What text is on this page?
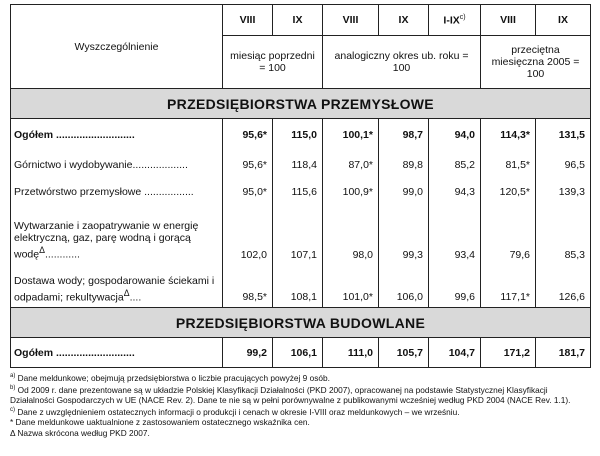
Wyszczególnienie	VIII	IX	VIII	IX	I-IX$^{c)}$	VIII	IX
	miesiąc poprzedni = 100		analogiczny okres ub. roku = 100			przeciętna miesięczna 2005 = 100	
PRZEDSIĘBIORSTWA PRZEMYSŁOWE							
Ogółem ...........................	95,6*	115,0	100,1*	98,7	94,0	114,3*	131,5
Górnictwo i wydobywanie...................	95,6*	118,4	87,0*	89,8	85,2	81,5*	96,5
Przetwórstwo przemysłowe .................	95,0*	115,6	100,9*	99,0	94,3	120,5*	139,3
Wytwarzanie i zaopatrywanie w energię elektryczną, gaz, parę wodną i gorącą wodę$^\Delta$............	102,0	107,1	98,0	99,3	93,4	79,6	85,3
Dostawa wody; gospodarowanie ściekami i odpadami; rekultywacja$^\Delta$....	98,5*	108,1	101,0*	106,0	99,6	117,1*	126,6
PRZEDSIĘBIORSTWA BUDOWLANE							
Ogółem ...........................	99,2	106,1	111,0	105,7	104,7	171,2	181,7

$^{a)}$ Dane meldunkowe; obejmują przedsiębiorstwa o liczbie pracujących powyżej 9 osób.

$^{b)}$ Od 2009 r. dane prezentowane są w układzie Polskiej Klasyfikacji Działalności (PKD 2007), opracowanej na podstawie Statystycznej Klasyfikacji Działalności Gospodarczych w UE (NACE Rev. 2). Dane te nie są w pełni porównywalne z publikowanymi wcześniej według PKD 2004 (NACE Rev. 1.1).

$^{c)}$ Dane z uwzględnieniem ostatecznych informacji o produkcji i cenach w okresie I-VIII oraz meldunkowych – we wrześniu.

* Dane meldunkowe uaktualnione z zastosowaniem ostatecznego wskaźnika cen.

Δ Nazwa skrócona według PKD 2007.
